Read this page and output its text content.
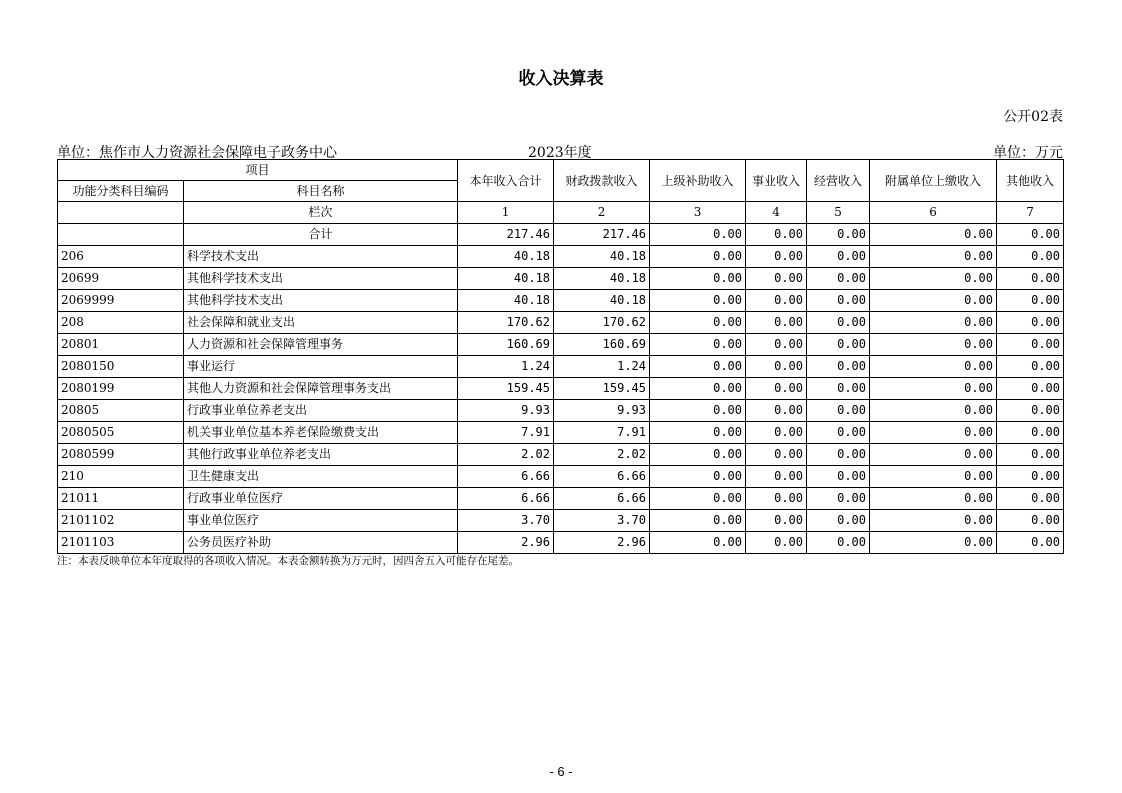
收入决算表
公开02表
单位：焦作市人力资源社会保障电子政务中心	2023年度	单位：万元
项目		本年收入合计	财政拨款收入	上级补助收入	事业收入	经营收入	附属单位上缴收入	其他收入
功能分类科目编码	科目名称							
	栏次	1	2	3	4	5	6	7
	合计	217.46	217.46	0.00	0.00	0.00	0.00	0.00
206	科学技术支出	40.18	40.18	0.00	0.00	0.00	0.00	0.00
20699	其他科学技术支出	40.18	40.18	0.00	0.00	0.00	0.00	0.00
2069999	其他科学技术支出	40.18	40.18	0.00	0.00	0.00	0.00	0.00
208	社会保障和就业支出	170.62	170.62	0.00	0.00	0.00	0.00	0.00
20801	人力资源和社会保障管理事务	160.69	160.69	0.00	0.00	0.00	0.00	0.00
2080150	事业运行	1.24	1.24	0.00	0.00	0.00	0.00	0.00
2080199	其他人力资源和社会保障管理事务支出	159.45	159.45	0.00	0.00	0.00	0.00	0.00
20805	行政事业单位养老支出	9.93	9.93	0.00	0.00	0.00	0.00	0.00
2080505	机关事业单位基本养老保险缴费支出	7.91	7.91	0.00	0.00	0.00	0.00	0.00
2080599	其他行政事业单位养老支出	2.02	2.02	0.00	0.00	0.00	0.00	0.00
210	卫生健康支出	6.66	6.66	0.00	0.00	0.00	0.00	0.00
21011	行政事业单位医疗	6.66	6.66	0.00	0.00	0.00	0.00	0.00
2101102	事业单位医疗	3.70	3.70	0.00	0.00	0.00	0.00	0.00
2101103	公务员医疗补助	2.96	2.96	0.00	0.00	0.00	0.00	0.00
注：本表反映单位本年度取得的各项收入情况。本表金额转换为万元时，因四舍五入可能存在尾差。
- 6 -
